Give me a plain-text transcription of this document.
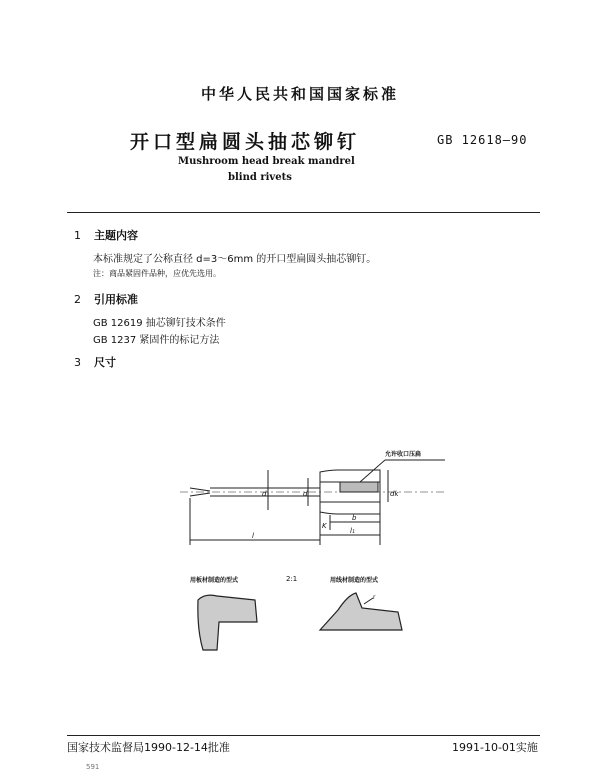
中华人民共和国国家标准
开口型扁圆头抽芯铆钉	GB 12618—90
Mushroom head break mandrel
blind rivets
1 主题内容
本标准规定了公称直径 d=3～6mm 的开口型扁圆头抽芯铆钉。
注：商品紧固件品种，应优先选用。
2 引用标准
GB 12619 抽芯铆钉技术条件
GB 1237 紧固件的标记方法
3 尺寸
允许收口压扁
d₁	d	dk
K
b
l₁
l
用板材制造的型式	2:1	用线材制造的型式
r
国家技术监督局1990-12-14批准	1991-10-01实施
591
